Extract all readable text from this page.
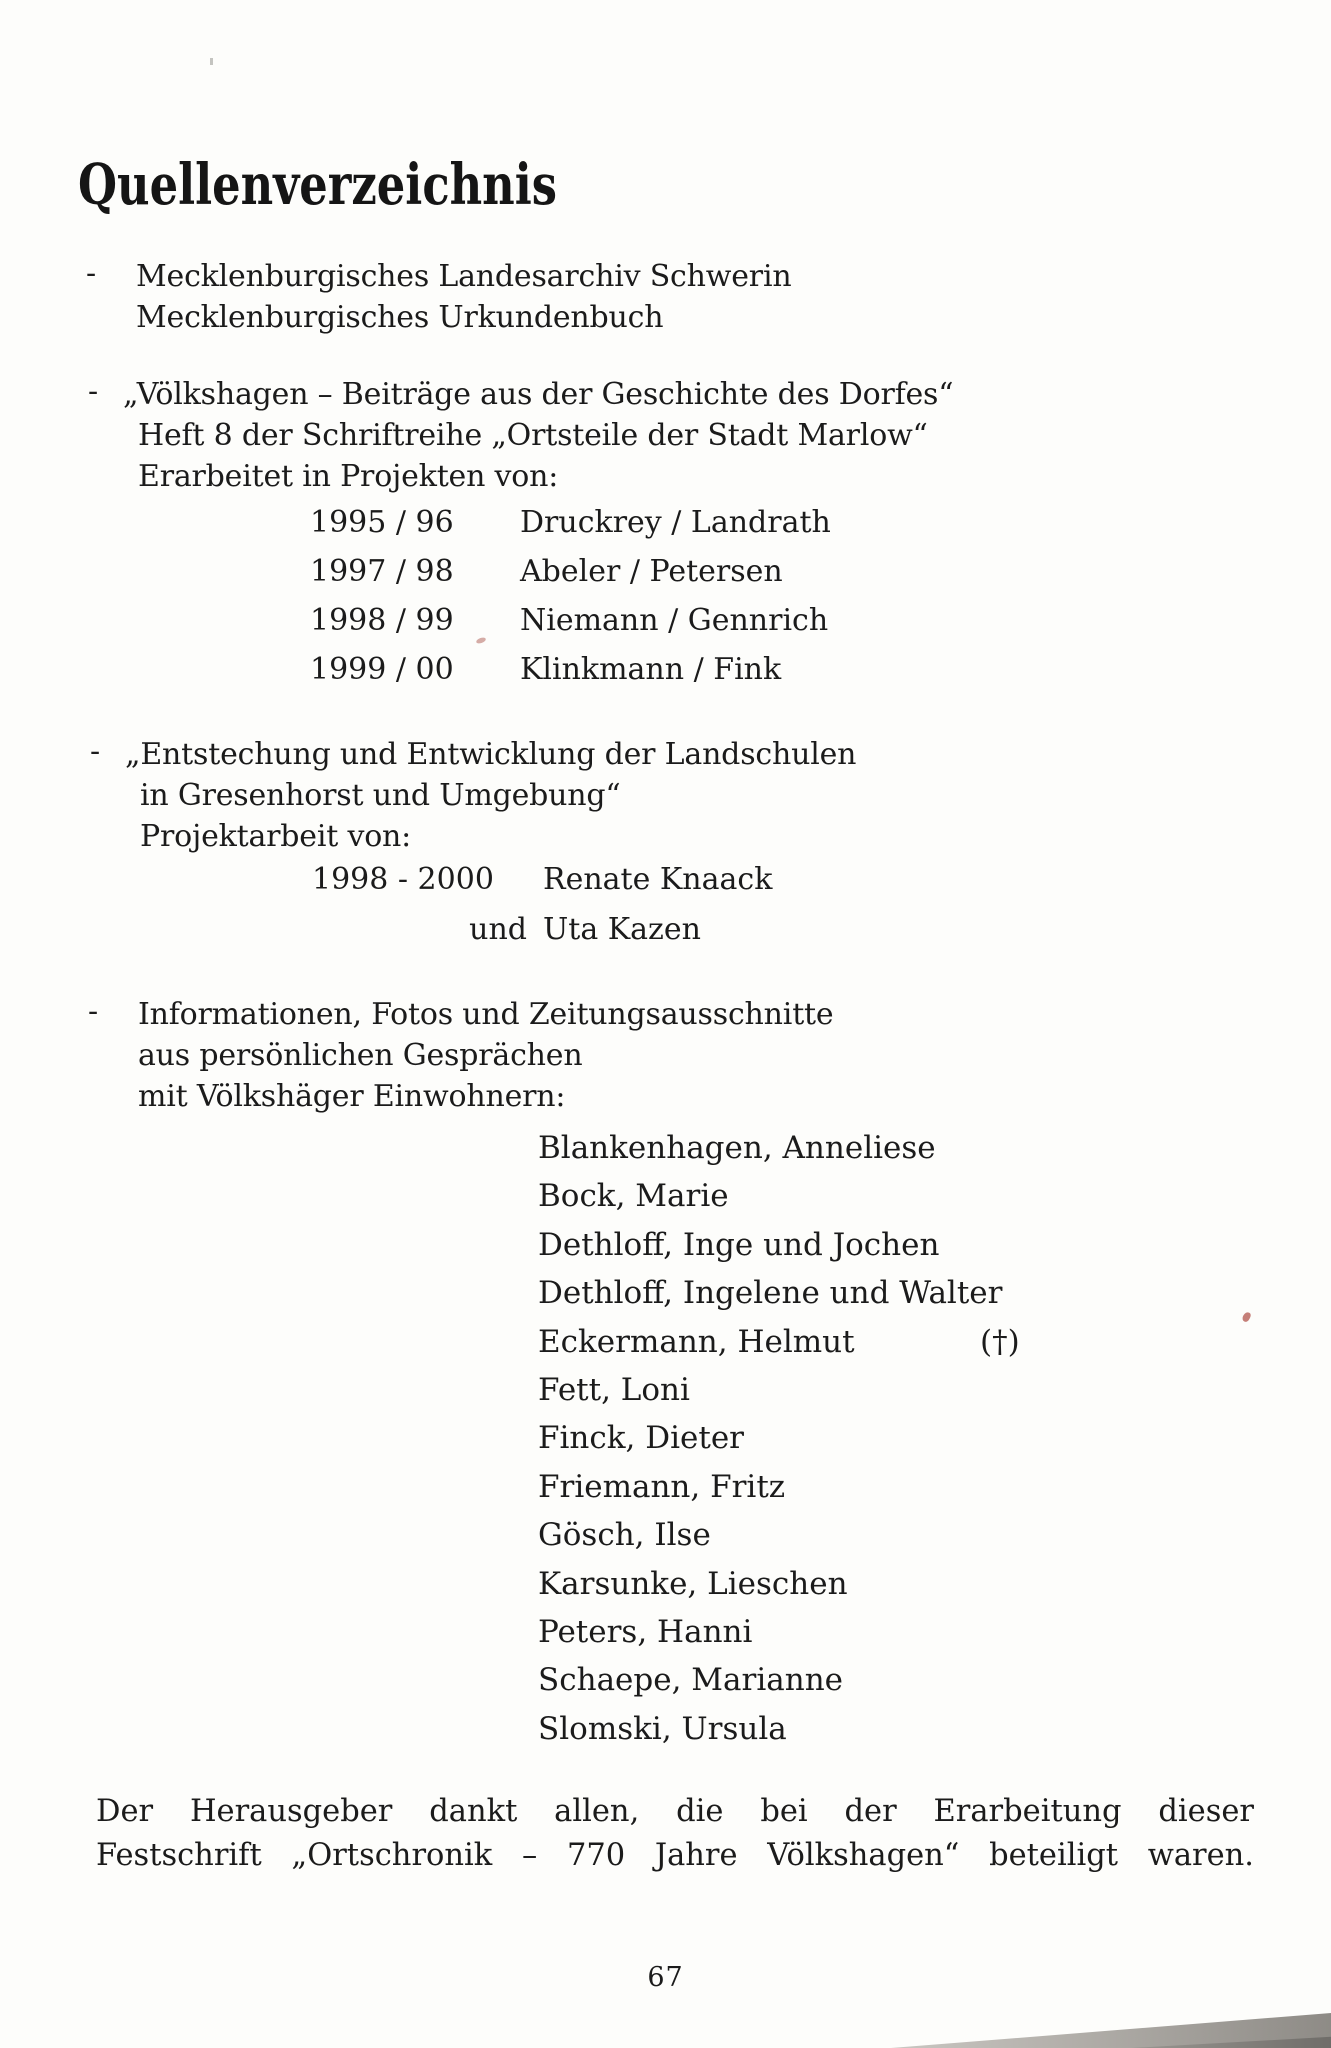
Quellenverzeichnis
- Mecklenburgisches Landesarchiv Schwerin
Mecklenburgisches Urkundenbuch
- „Völkshagen – Beiträge aus der Geschichte des Dorfes“
Heft 8 der Schriftreihe „Ortsteile der Stadt Marlow“
Erarbeitet in Projekten von:
1995 / 96	Druckrey / Landrath
1997 / 98	Abeler / Petersen
1998 / 99	Niemann / Gennrich
1999 / 00	Klinkmann / Fink
- „Entstechung und Entwicklung der Landschulen
in Gresenhorst und Umgebung“
Projektarbeit von:
1998 - 2000 Renate Knaack
und Uta Kazen
- Informationen, Fotos und Zeitungsausschnitte
aus persönlichen Gesprächen
mit Völkshäger Einwohnern:
Blankenhagen, Anneliese
Bock, Marie
Dethloff, Inge und Jochen
Dethloff, Ingelene und Walter
Eckermann, Helmut	(†)
Fett, Loni
Finck, Dieter
Friemann, Fritz
Gösch, Ilse
Karsunke, Lieschen
Peters, Hanni
Schaepe, Marianne
Slomski, Ursula
Der Herausgeber dankt allen, die bei der Erarbeitung dieser
Festschrift „Ortschronik – 770 Jahre Völkshagen“ beteiligt waren.
67
